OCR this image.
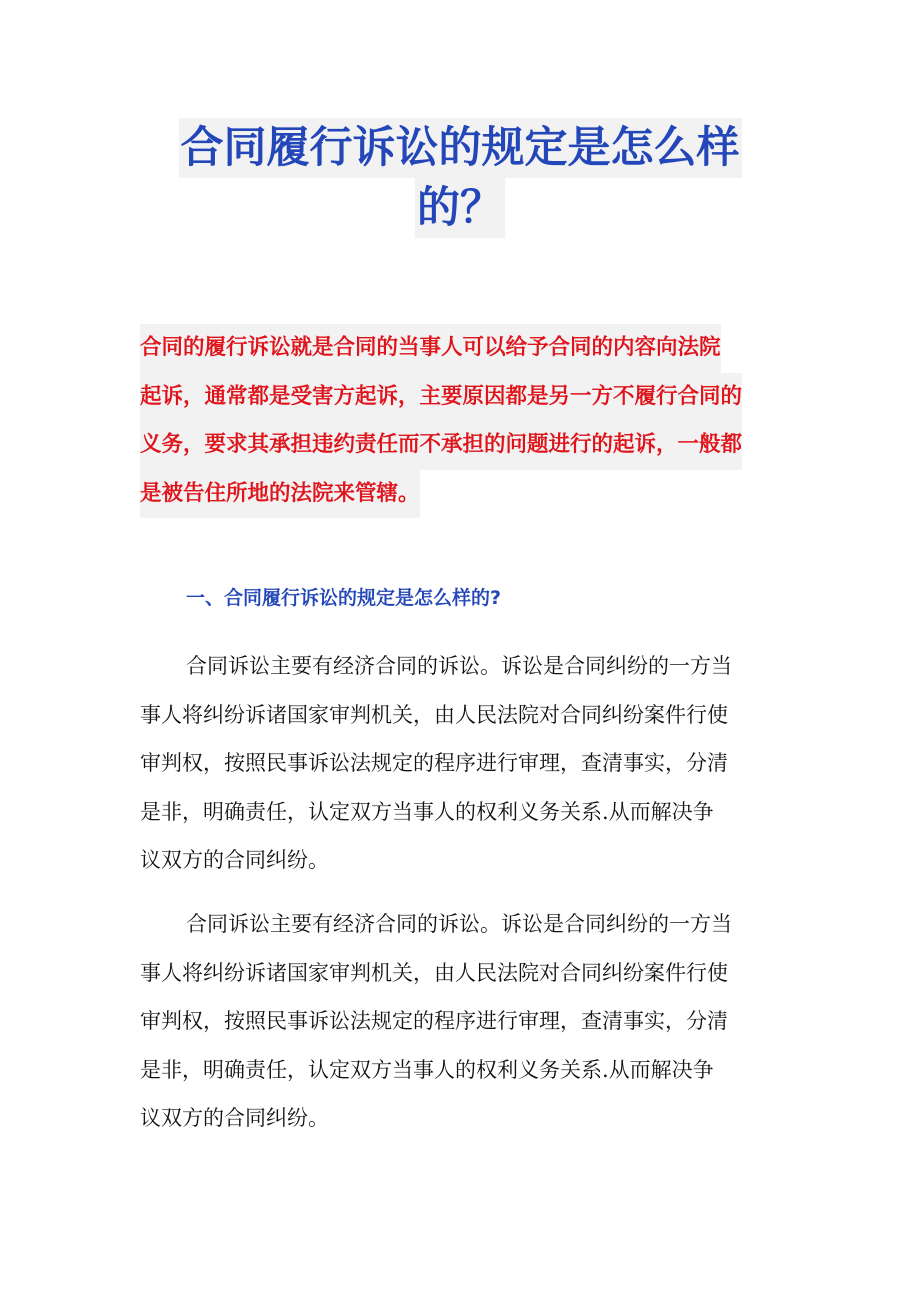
合同履行诉讼的规定是怎么样
的？

合同的履行诉讼就是合同的当事人可以给予合同的内容向法院
起诉，通常都是受害方起诉，主要原因都是另一方不履行合同的
义务，要求其承担违约责任而不承担的问题进行的起诉，一般都
是被告住所地的法院来管辖。

一、合同履行诉讼的规定是怎么样的?

合同诉讼主要有经济合同的诉讼。诉讼是合同纠纷的一方当
事人将纠纷诉诸国家审判机关，由人民法院对合同纠纷案件行使
审判权，按照民事诉讼法规定的程序进行审理，查清事实，分清
是非，明确责任，认定双方当事人的权利义务关系.从而解决争
议双方的合同纠纷。

合同诉讼主要有经济合同的诉讼。诉讼是合同纠纷的一方当
事人将纠纷诉诸国家审判机关，由人民法院对合同纠纷案件行使
审判权，按照民事诉讼法规定的程序进行审理，查清事实，分清
是非，明确责任，认定双方当事人的权利义务关系.从而解决争
议双方的合同纠纷。
